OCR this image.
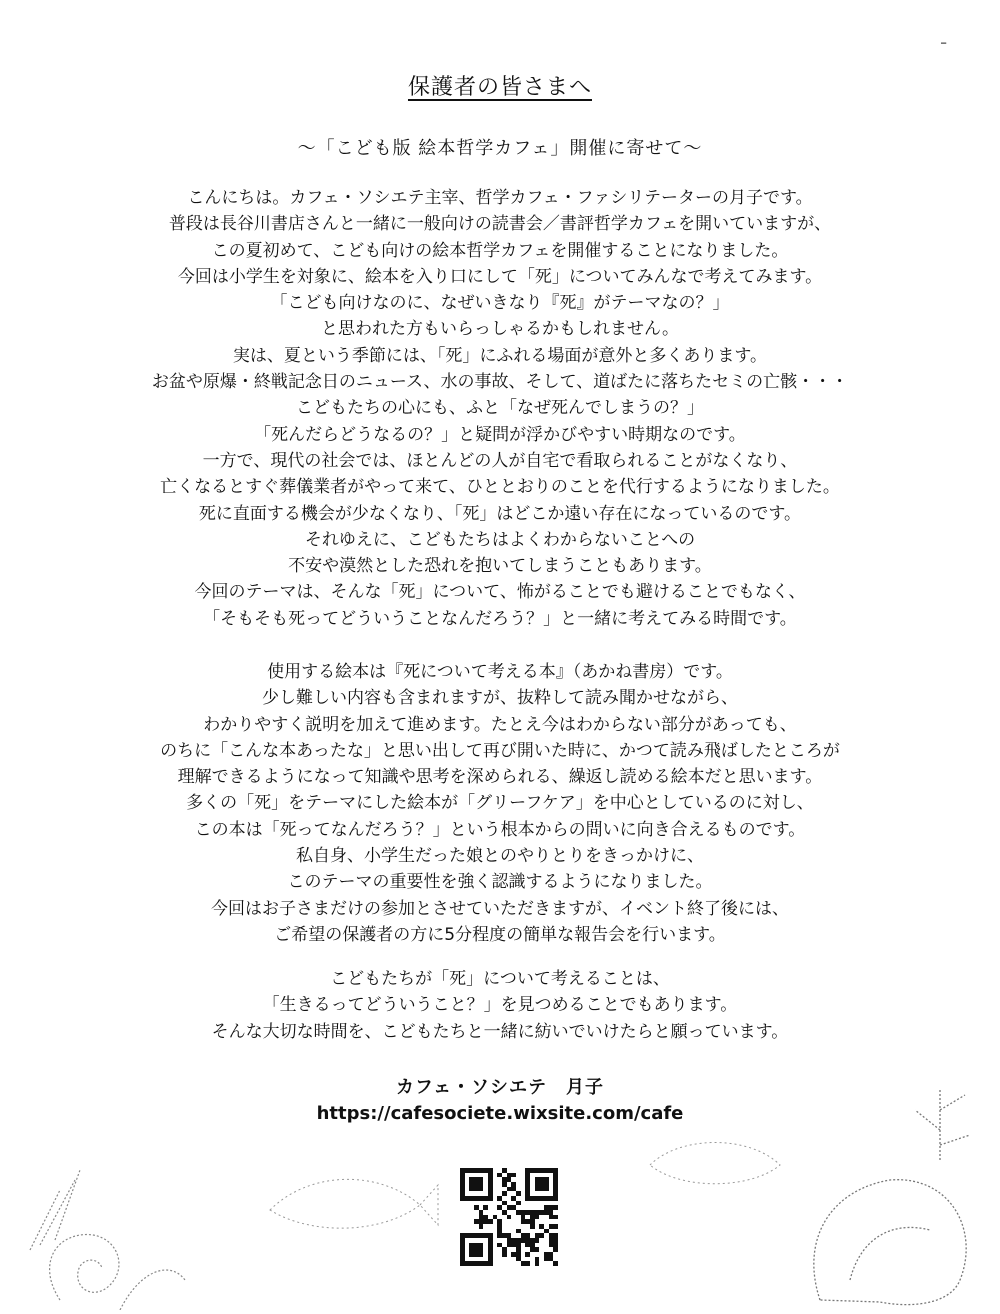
-
保護者の皆さまへ
〜「こども版 絵本哲学カフェ」開催に寄せて〜
こんにちは。カフェ・ソシエテ主宰、哲学カフェ・ファシリテーターの月子です。
普段は長谷川書店さんと一緒に一般向けの読書会／書評哲学カフェを開いていますが、
この夏初めて、こども向けの絵本哲学カフェを開催することになりました。
今回は小学生を対象に、絵本を入り口にして「死」についてみんなで考えてみます。
「こども向けなのに、なぜいきなり『死』がテーマなの？」
と思われた方もいらっしゃるかもしれません。
実は、夏という季節には、「死」にふれる場面が意外と多くあります。
お盆や原爆・終戦記念日のニュース、水の事故、そして、道ばたに落ちたセミの亡骸・・・
こどもたちの心にも、ふと「なぜ死んでしまうの？」
「死んだらどうなるの？」と疑問が浮かびやすい時期なのです。
一方で、現代の社会では、ほとんどの人が自宅で看取られることがなくなり、
亡くなるとすぐ葬儀業者がやって来て、ひととおりのことを代行するようになりました。
死に直面する機会が少なくなり、「死」はどこか遠い存在になっているのです。
それゆえに、こどもたちはよくわからないことへの
不安や漠然とした恐れを抱いてしまうこともあります。
今回のテーマは、そんな「死」について、怖がることでも避けることでもなく、
「そもそも死ってどういうことなんだろう？」と一緒に考えてみる時間です。
使用する絵本は『死について考える本』（あかね書房）です。
少し難しい内容も含まれますが、抜粋して読み聞かせながら、
わかりやすく説明を加えて進めます。たとえ今はわからない部分があっても、
のちに「こんな本あったな」と思い出して再び開いた時に、かつて読み飛ばしたところが
理解できるようになって知識や思考を深められる、繰返し読める絵本だと思います。
多くの「死」をテーマにした絵本が「グリーフケア」を中心としているのに対し、
この本は「死ってなんだろう？」という根本からの問いに向き合えるものです。
私自身、小学生だった娘とのやりとりをきっかけに、
このテーマの重要性を強く認識するようになりました。
今回はお子さまだけの参加とさせていただきますが、イベント終了後には、
ご希望の保護者の方に5分程度の簡単な報告会を行います。
こどもたちが「死」について考えることは、
「生きるってどういうこと？」を見つめることでもあります。
そんな大切な時間を、こどもたちと一緒に紡いでいけたらと願っています。
カフェ・ソシエテ　月子
https://cafesociete.wixsite.com/cafe
